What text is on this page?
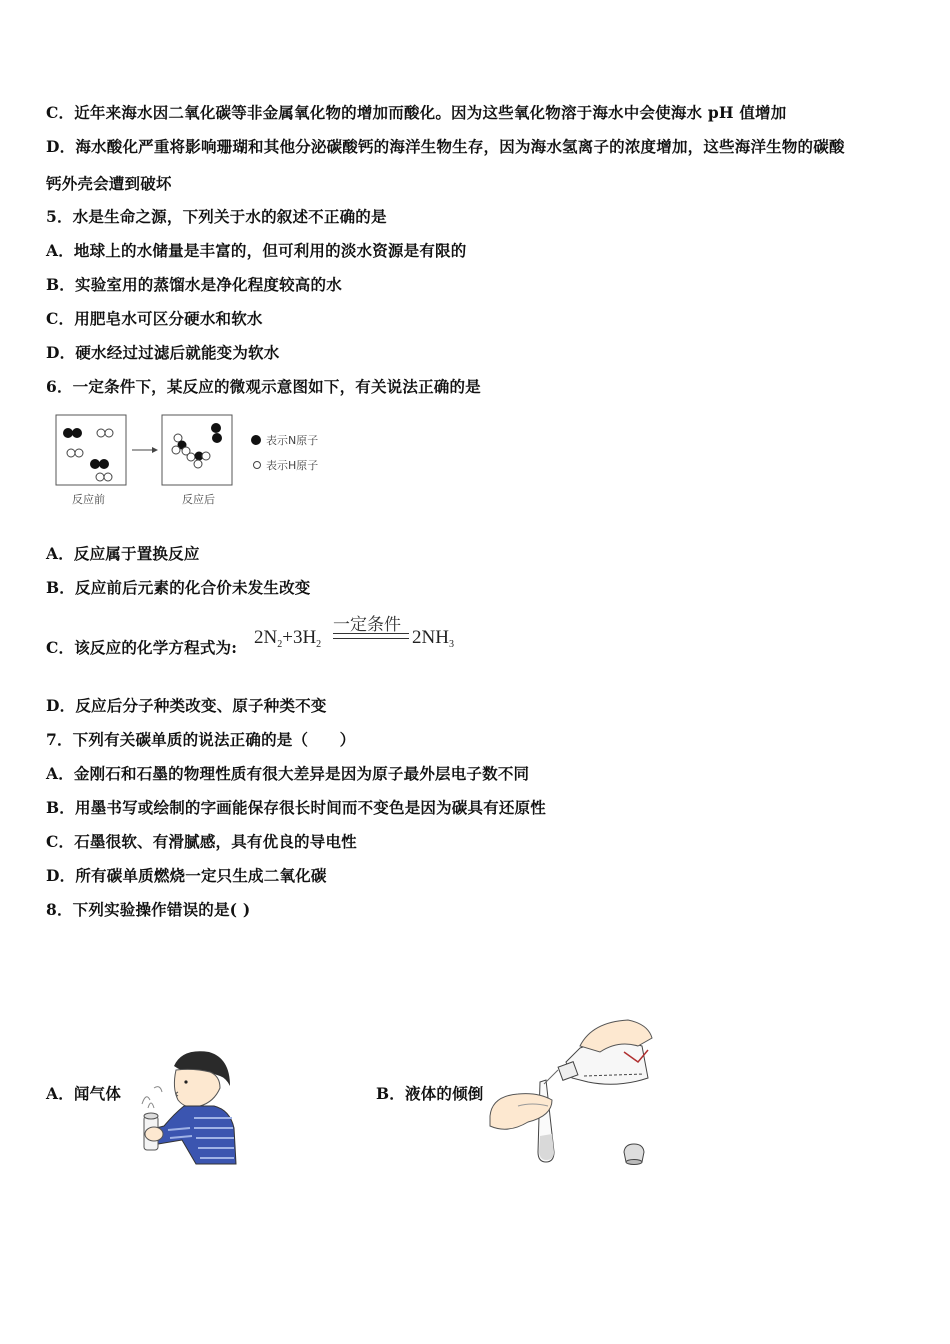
C．近年来海水因二氧化碳等非金属氧化物的增加而酸化。因为这些氧化物溶于海水中会使海水 pH 值增加
D．海水酸化严重将影响珊瑚和其他分泌碳酸钙的海洋生物生存，因为海水氢离子的浓度增加，这些海洋生物的碳酸
钙外壳会遭到破坏
5．水是生命之源，下列关于水的叙述不正确的是
A．地球上的水储量是丰富的，但可利用的淡水资源是有限的
B．实验室用的蒸馏水是净化程度较高的水
C．用肥皂水可区分硬水和软水
D．硬水经过过滤后就能变为软水
6．一定条件下，某反应的微观示意图如下，有关说法正确的是
反应前	反应后
表示N原子
表示H原子
A．反应属于置换反应
B．反应前后元素的化合价未发生改变
C．该反应的化学方程式为: $2N_2+3H_2$
一定条件
$2NH_3$
D．反应后分子种类改变、原子种类不变
7．下列有关碳单质的说法正确的是（　　）
A．金刚石和石墨的物理性质有很大差异是因为原子最外层电子数不同
B．用墨书写或绘制的字画能保存很长时间而不变色是因为碳具有还原性
C．石墨很软、有滑腻感，具有优良的导电性
D．所有碳单质燃烧一定只生成二氧化碳
8．下列实验操作错误的是( )
A．闻气体	B．液体的倾倒
